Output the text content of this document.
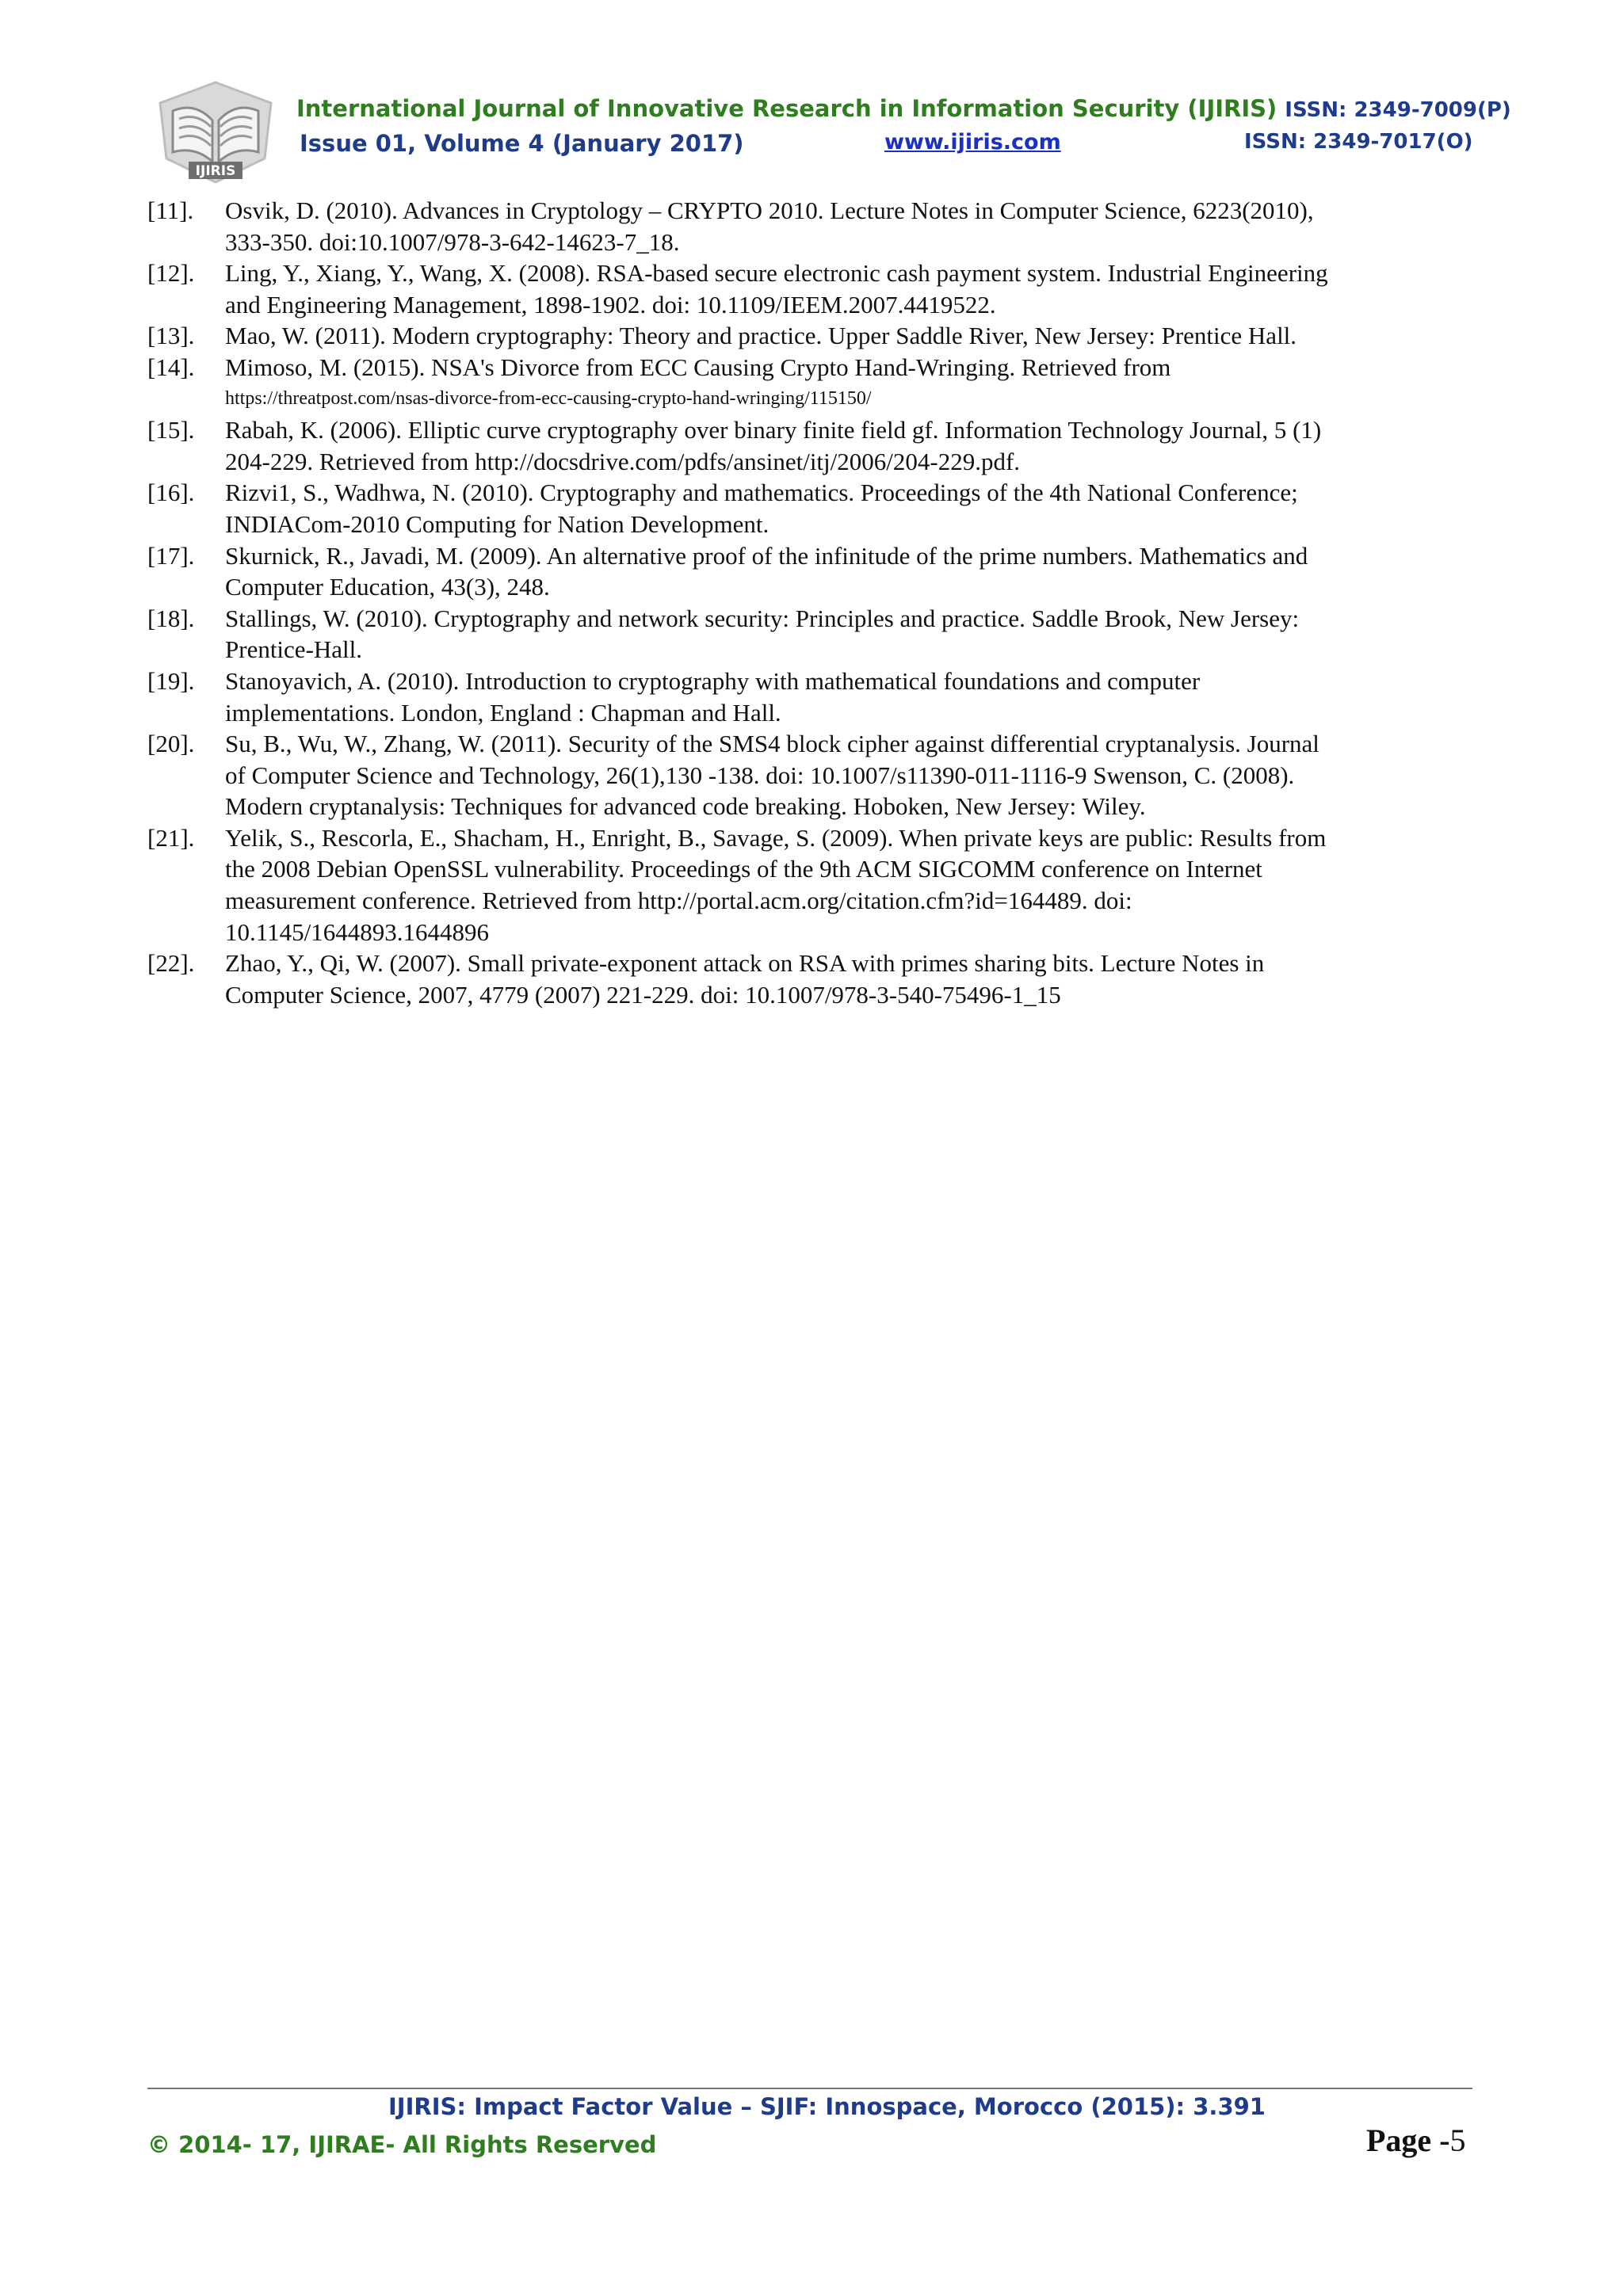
IJIRIS
International Journal of Innovative Research in Information Security (IJIRIS) ISSN: 2349-7009(P)
Issue 01, Volume 4 (January 2017)	www.ijiris.com	ISSN: 2349-7017(O)
[11].	Osvik, D. (2010). Advances in Cryptology – CRYPTO 2010. Lecture Notes in Computer Science, 6223(2010),
333-350. doi:10.1007/978-3-642-14623-7_18.
[12].	Ling, Y., Xiang, Y., Wang, X. (2008). RSA-based secure electronic cash payment system. Industrial Engineering
and Engineering Management, 1898-1902. doi: 10.1109/IEEM.2007.4419522.
[13].	Mao, W. (2011). Modern cryptography: Theory and practice. Upper Saddle River, New Jersey: Prentice Hall.
[14].	Mimoso, M. (2015). NSA's Divorce from ECC Causing Crypto Hand-Wringing. Retrieved from
https://threatpost.com/nsas-divorce-from-ecc-causing-crypto-hand-wringing/115150/
[15].	Rabah, K. (2006). Elliptic curve cryptography over binary finite field gf. Information Technology Journal, 5 (1)
204-229. Retrieved from http://docsdrive.com/pdfs/ansinet/itj/2006/204-229.pdf.
[16].	Rizvi1, S., Wadhwa, N. (2010). Cryptography and mathematics. Proceedings of the 4th National Conference;
INDIACom-2010 Computing for Nation Development.
[17].	Skurnick, R., Javadi, M. (2009). An alternative proof of the infinitude of the prime numbers. Mathematics and
Computer Education, 43(3), 248.
[18].	Stallings, W. (2010). Cryptography and network security: Principles and practice. Saddle Brook, New Jersey:
Prentice-Hall.
[19].	Stanoyavich, A. (2010). Introduction to cryptography with mathematical foundations and computer
implementations. London, England : Chapman and Hall.
[20].	Su, B., Wu, W., Zhang, W. (2011). Security of the SMS4 block cipher against differential cryptanalysis. Journal
of Computer Science and Technology, 26(1),130 -138. doi: 10.1007/s11390-011-1116-9 Swenson, C. (2008).
Modern cryptanalysis: Techniques for advanced code breaking. Hoboken, New Jersey: Wiley.
[21].	Yelik, S., Rescorla, E., Shacham, H., Enright, B., Savage, S. (2009). When private keys are public: Results from
the 2008 Debian OpenSSL vulnerability. Proceedings of the 9th ACM SIGCOMM conference on Internet
measurement conference. Retrieved from http://portal.acm.org/citation.cfm?id=164489. doi:
10.1145/1644893.1644896
[22].	Zhao, Y., Qi, W. (2007). Small private-exponent attack on RSA with primes sharing bits. Lecture Notes in
Computer Science, 2007, 4779 (2007) 221-229. doi: 10.1007/978-3-540-75496-1_15
IJIRIS: Impact Factor Value – SJIF: Innospace, Morocco (2015): 3.391
© 2014- 17, IJIRAE- All Rights Reserved	Page -5
